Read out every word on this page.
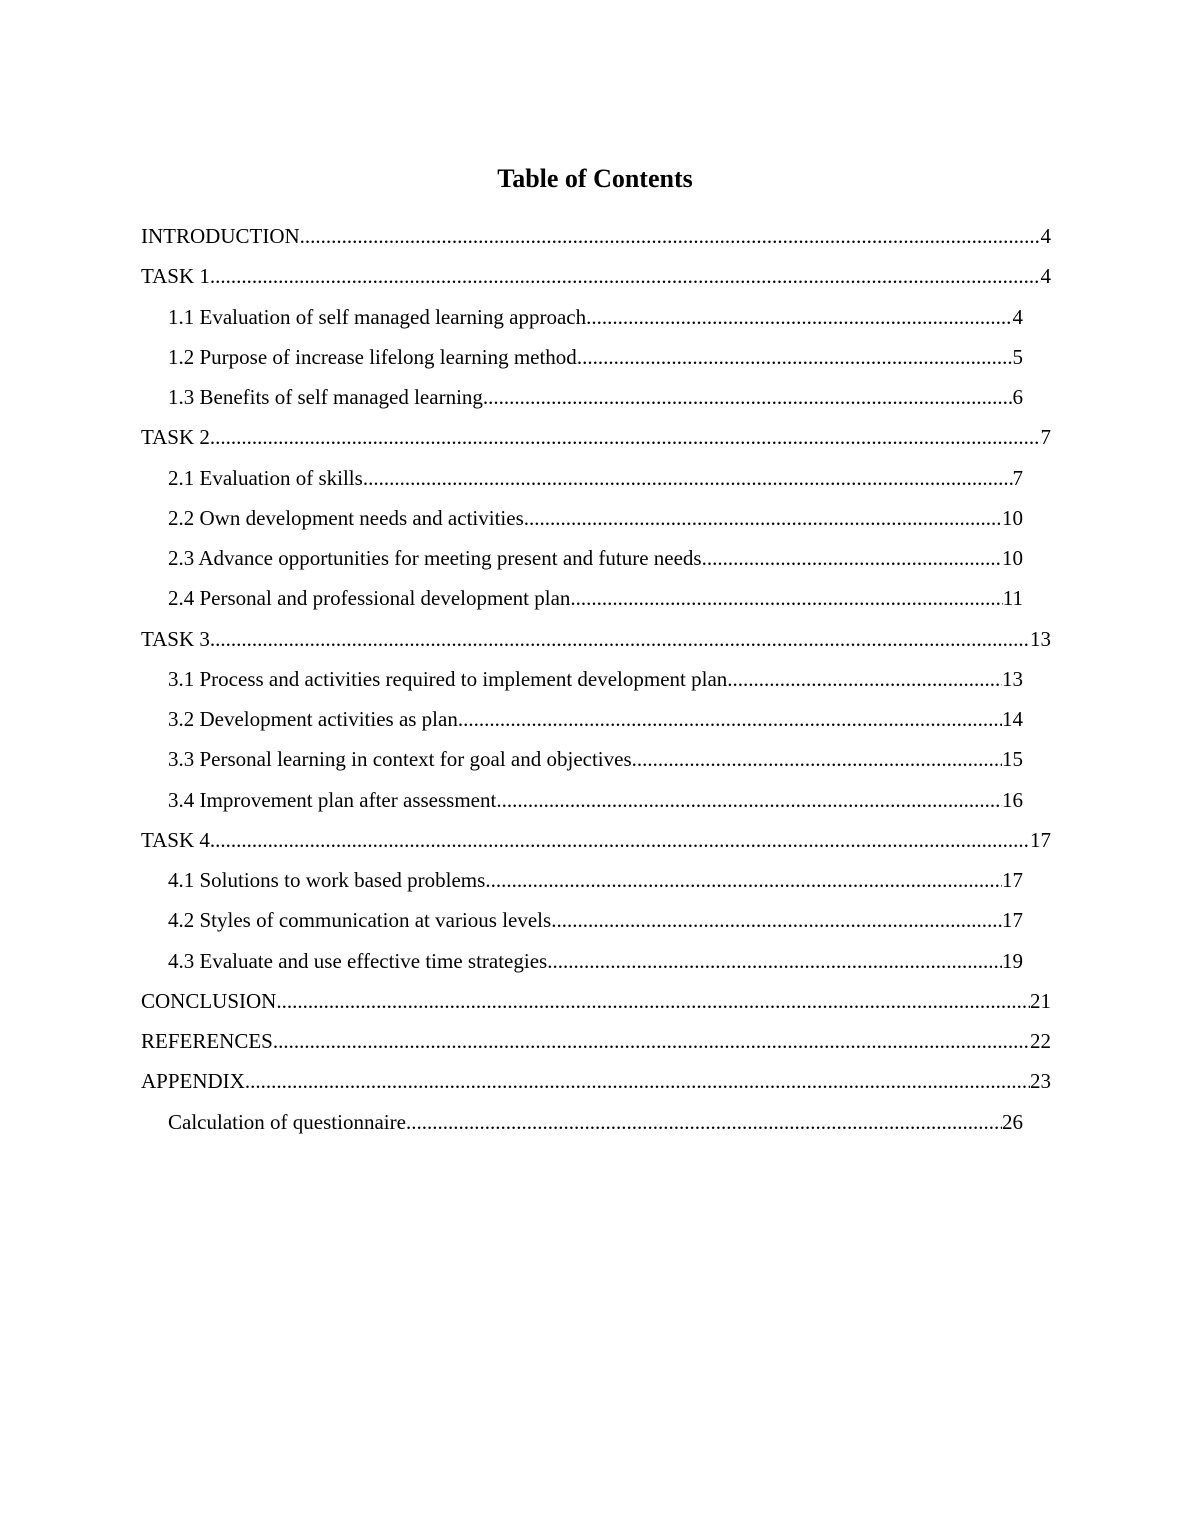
Table of Contents
INTRODUCTION .....	4
TASK 1 .....	4
1.1 Evaluation of self managed learning approach .....	4
1.2 Purpose of increase lifelong learning method .....	5
1.3 Benefits of self managed learning .....	6
TASK 2 .....	7
2.1 Evaluation of skills .....	7
2.2 Own development needs and activities .....	10
2.3 Advance opportunities for meeting present and future needs .....	10
2.4 Personal and professional development plan .....	11
TASK 3 .....	13
3.1 Process and activities required to implement development plan .....	13
3.2 Development activities as plan .....	14
3.3 Personal learning in context for goal and objectives .....	15
3.4 Improvement plan after assessment .....	16
TASK 4 .....	17
4.1 Solutions to work based problems .....	17
4.2 Styles of communication at various levels .....	17
4.3 Evaluate and use effective time strategies .....	19
CONCLUSION .....	21
REFERENCES .....	22
APPENDIX .....	23
Calculation of questionnaire .....	26
